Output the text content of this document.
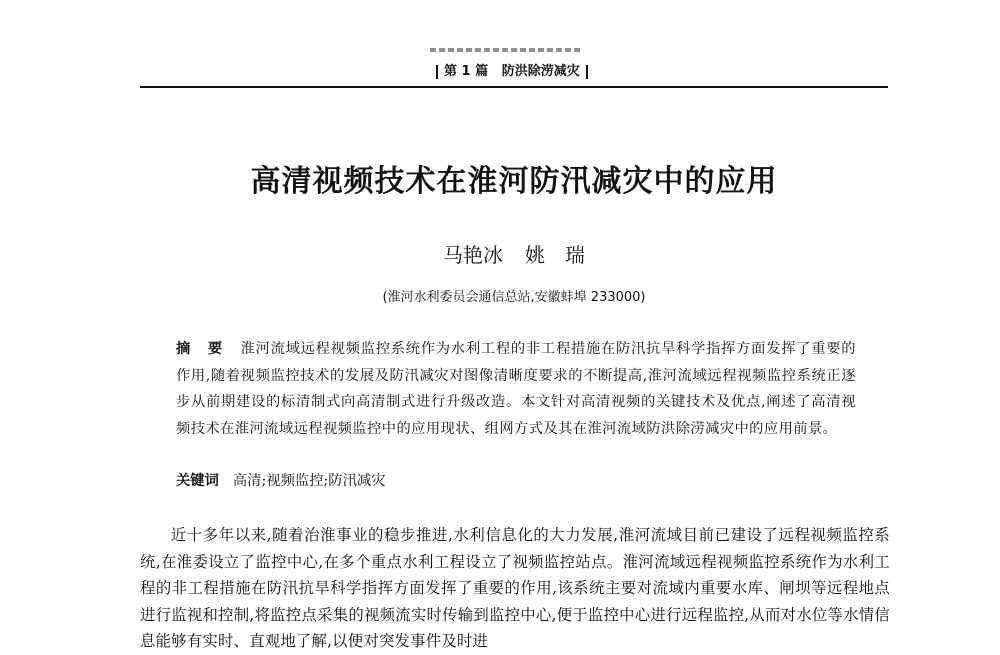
第 1 篇 防洪除涝减灾
高清视频技术在淮河防汛减灾中的应用
马艳冰 姚　瑞
(淮河水利委员会通信总站,安徽蚌埠 233000)
摘 要 淮河流域远程视频监控系统作为水利工程的非工程措施在防汛抗旱科学指挥方面发挥了重要的作用,随着视频监控技术的发展及防汛减灾对图像清晰度要求的不断提高,淮河流域远程视频监控系统正逐步从前期建设的标清制式向高清制式进行升级改造。本文针对高清视频的关键技术及优点,阐述了高清视频技术在淮河流域远程视频监控中的应用现状、组网方式及其在淮河流域防洪除涝减灾中的应用前景。
关键词 高清;视频监控;防汛减灾
近十多年以来,随着治淮事业的稳步推进,水利信息化的大力发展,淮河流域目前已建设了远程视频监控系统,在淮委设立了监控中心,在多个重点水利工程设立了视频监控站点。淮河流域远程视频监控系统作为水利工程的非工程措施在防汛抗旱科学指挥方面发挥了重要的作用,该系统主要对流域内重要水库、闸坝等远程地点进行监视和控制,将监控点采集的视频流实时传输到监控中心,便于监控中心进行远程监控,从而对水位等水情信息能够有实时、直观地了解,以便对突发事件及时进
